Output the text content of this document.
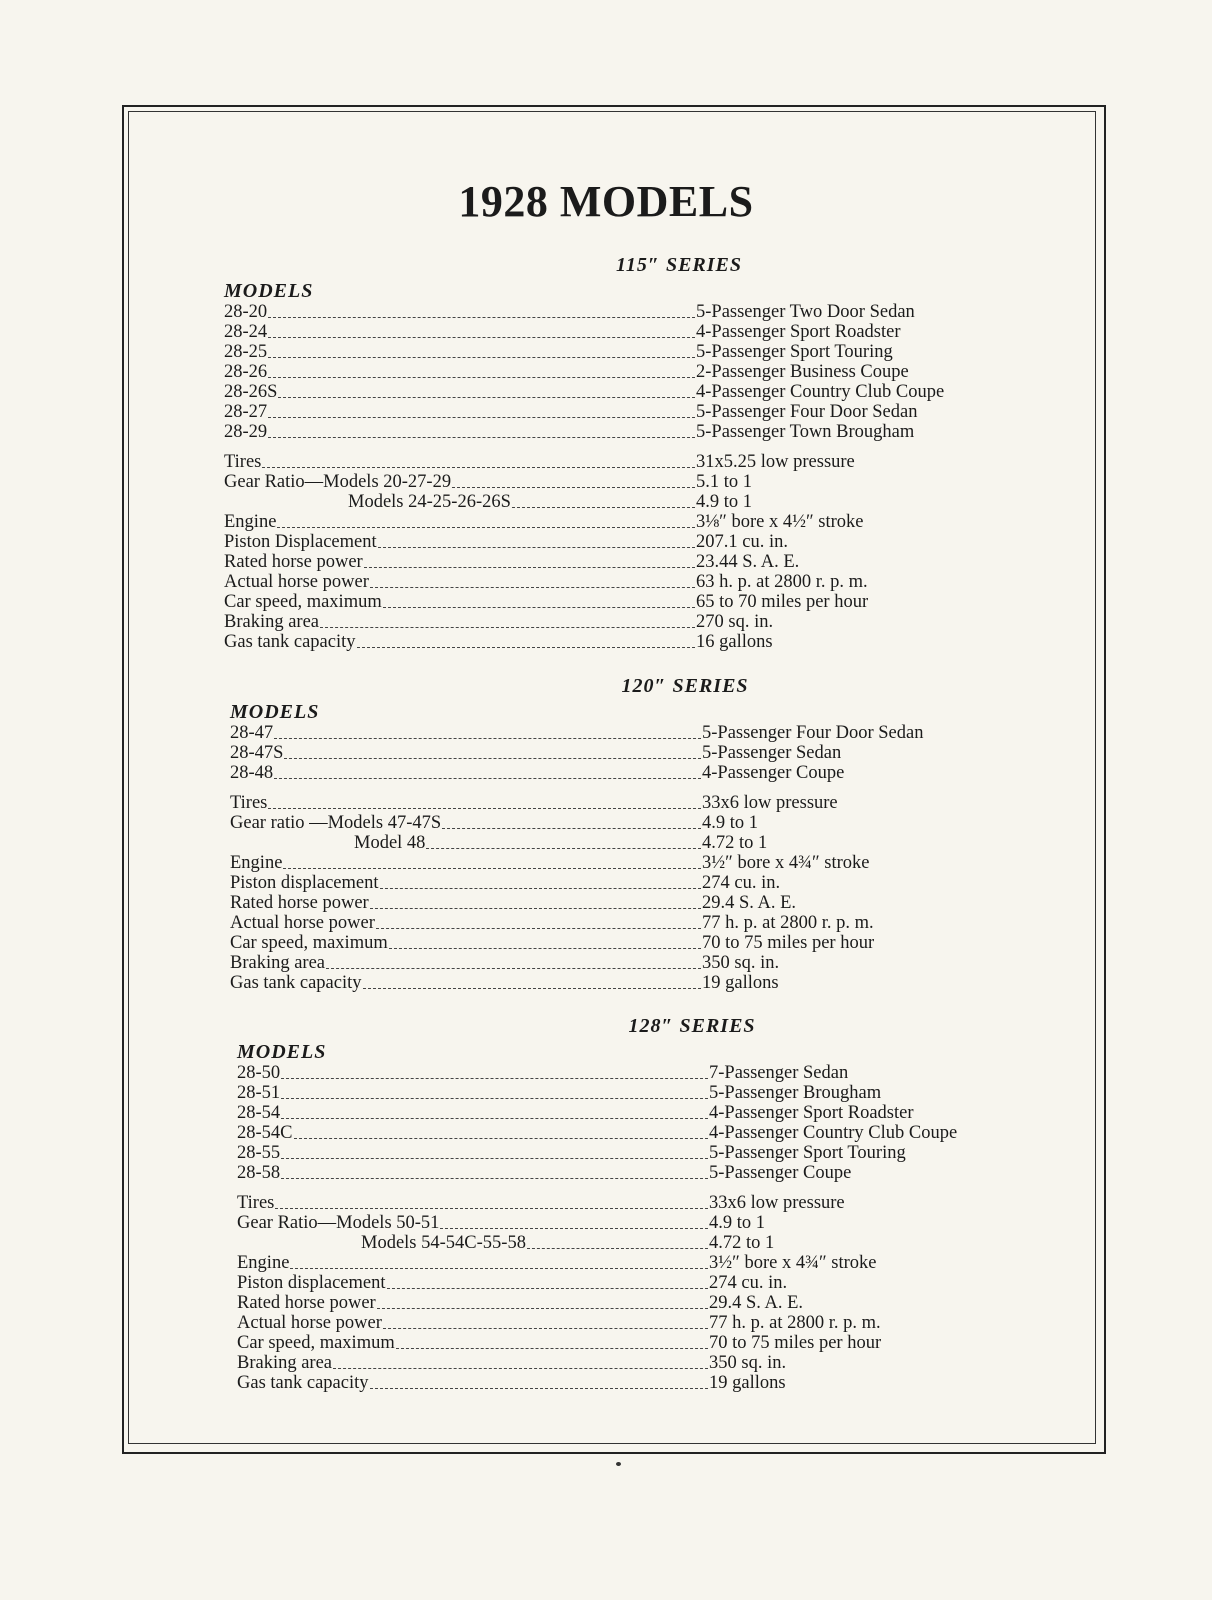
1928 MODELS
115″ SERIES
MODELS
28-20	5-Passenger Two Door Sedan
28-24	4-Passenger Sport Roadster
28-25	5-Passenger Sport Touring
28-26	2-Passenger Business Coupe
28-26S	4-Passenger Country Club Coupe
28-27	5-Passenger Four Door Sedan
28-29	5-Passenger Town Brougham
Tires	31x5.25 low pressure
Gear Ratio—Models 20-27-29	5.1 to 1
Models 24-25-26-26S	4.9 to 1
Engine	3⅛″ bore x 4½″ stroke
Piston Displacement	207.1 cu. in.
Rated horse power	23.44 S. A. E.
Actual horse power	63 h. p. at 2800 r. p. m.
Car speed, maximum	65 to 70 miles per hour
Braking area	270 sq. in.
Gas tank capacity	16 gallons
120″ SERIES
MODELS
28-47	5-Passenger Four Door Sedan
28-47S	5-Passenger Sedan
28-48	4-Passenger Coupe
Tires	33x6 low pressure
Gear ratio —Models 47-47S	4.9 to 1
Model 48	4.72 to 1
Engine	3½″ bore x 4¾″ stroke
Piston displacement	274 cu. in.
Rated horse power	29.4 S. A. E.
Actual horse power	77 h. p. at 2800 r. p. m.
Car speed, maximum	70 to 75 miles per hour
Braking area	350 sq. in.
Gas tank capacity	19 gallons
128″ SERIES
MODELS
28-50	7-Passenger Sedan
28-51	5-Passenger Brougham
28-54	4-Passenger Sport Roadster
28-54C	4-Passenger Country Club Coupe
28-55	5-Passenger Sport Touring
28-58	5-Passenger Coupe
Tires	33x6 low pressure
Gear Ratio—Models 50-51	4.9 to 1
Models 54-54C-55-58	4.72 to 1
Engine	3½″ bore x 4¾″ stroke
Piston displacement	274 cu. in.
Rated horse power	29.4 S. A. E.
Actual horse power	77 h. p. at 2800 r. p. m.
Car speed, maximum	70 to 75 miles per hour
Braking area	350 sq. in.
Gas tank capacity	19 gallons
